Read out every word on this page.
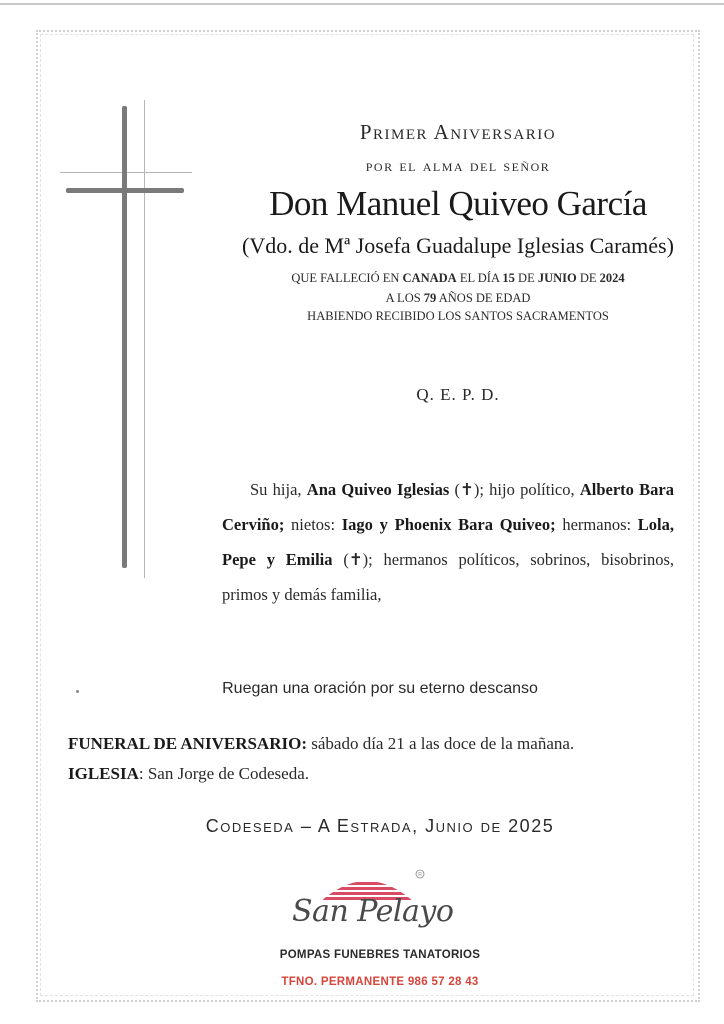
Primer Aniversario
por el alma del señor
Don Manuel Quiveo García
(Vdo. de Mª Josefa Guadalupe Iglesias Caramés)
QUE FALLECIÓ EN CANADA EL DÍA 15 DE JUNIO DE 2024
A LOS 79 AÑOS DE EDAD
HABIENDO RECIBIDO LOS SANTOS SACRAMENTOS
Q. E. P. D.
Su hija, Ana Quiveo Iglesias (✝); hijo político, Alberto Bara Cerviño; nietos: Iago y Phoenix Bara Quiveo; hermanos: Lola, Pepe y Emilia (✝); hermanos políticos, sobrinos, bisobrinos, primos y demás familia,
Ruegan una oración por su eterno descanso
FUNERAL DE ANIVERSARIO: sábado día 21 a las doce de la mañana.
IGLESIA: San Jorge de Codeseda.
Codeseda – A Estrada, Junio de 2025
R
San Pelayo
POMPAS FUNEBRES TANATORIOS
TFNO. PERMANENTE 986 57 28 43
